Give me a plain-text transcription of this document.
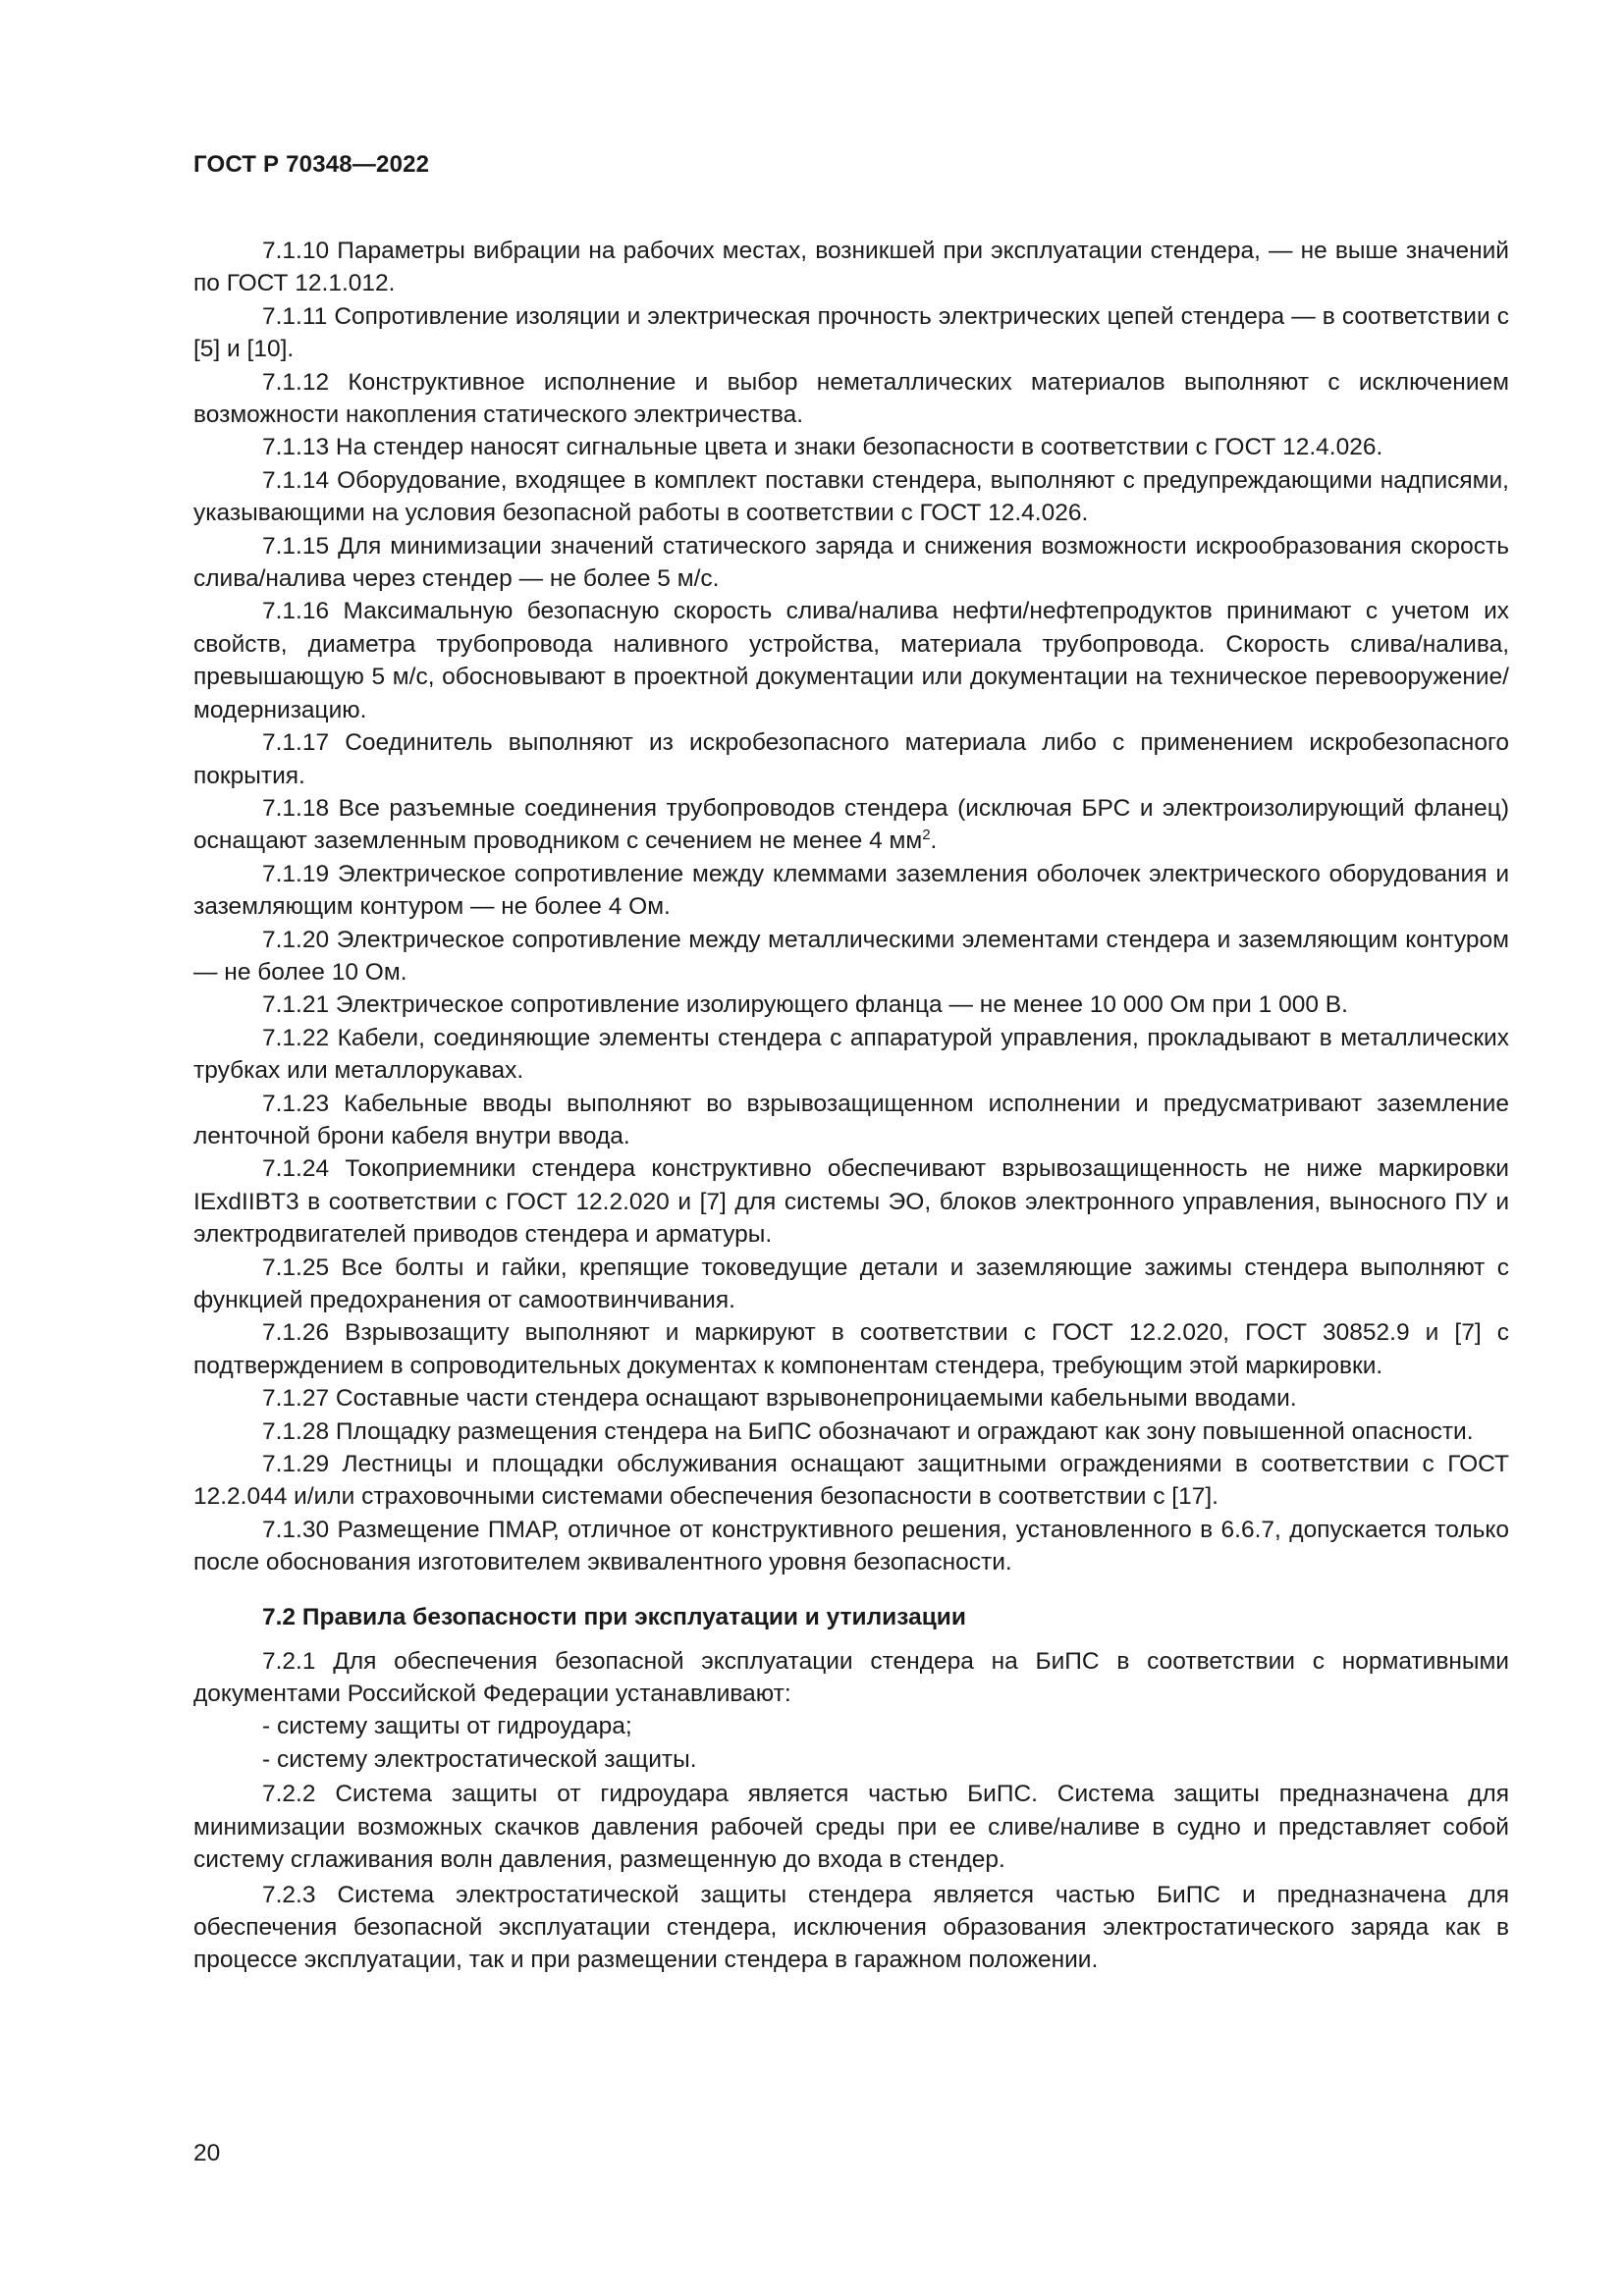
ГОСТ Р 70348—2022

7.1.10 Параметры вибрации на рабочих местах, возникшей при эксплуатации стендера, — не выше значений по ГОСТ 12.1.012.

7.1.11 Сопротивление изоляции и электрическая прочность электрических цепей стендера — в соответствии с [5] и [10].

7.1.12 Конструктивное исполнение и выбор неметаллических материалов выполняют с исключением возможности накопления статического электричества.

7.1.13 На стендер наносят сигнальные цвета и знаки безопасности в соответствии с ГОСТ 12.4.026.

7.1.14 Оборудование, входящее в комплект поставки стендера, выполняют с предупреждающими надписями, указывающими на условия безопасной работы в соответствии с ГОСТ 12.4.026.

7.1.15 Для минимизации значений статического заряда и снижения возможности искрообразования скорость слива/налива через стендер — не более 5 м/с.

7.1.16 Максимальную безопасную скорость слива/налива нефти/нефтепродуктов принимают с учетом их свойств, диаметра трубопровода наливного устройства, материала трубопровода. Скорость слива/налива, превышающую 5 м/с, обосновывают в проектной документации или документации на техническое перевооружение/модернизацию.

7.1.17 Соединитель выполняют из искробезопасного материала либо с применением искробезопасного покрытия.

7.1.18 Все разъемные соединения трубопроводов стендера (исключая БРС и электроизолирующий фланец) оснащают заземленным проводником с сечением не менее 4 $мм^2$.

7.1.19 Электрическое сопротивление между клеммами заземления оболочек электрического оборудования и заземляющим контуром — не более 4 Ом.

7.1.20 Электрическое сопротивление между металлическими элементами стендера и заземляющим контуром — не более 10 Ом.

7.1.21 Электрическое сопротивление изолирующего фланца — не менее 10 000 Ом при 1 000 В.

7.1.22 Кабели, соединяющие элементы стендера с аппаратурой управления, прокладывают в металлических трубках или металлорукавах.

7.1.23 Кабельные вводы выполняют во взрывозащищенном исполнении и предусматривают заземление ленточной брони кабеля внутри ввода.

7.1.24 Токоприемники стендера конструктивно обеспечивают взрывозащищенность не ниже маркировки IExdIIBT3 в соответствии с ГОСТ 12.2.020 и [7] для системы ЭО, блоков электронного управления, выносного ПУ и электродвигателей приводов стендера и арматуры.

7.1.25 Все болты и гайки, крепящие токоведущие детали и заземляющие зажимы стендера выполняют с функцией предохранения от самоотвинчивания.

7.1.26 Взрывозащиту выполняют и маркируют в соответствии с ГОСТ 12.2.020, ГОСТ 30852.9 и [7] с подтверждением в сопроводительных документах к компонентам стендера, требующим этой маркировки.

7.1.27 Составные части стендера оснащают взрывонепроницаемыми кабельными вводами.

7.1.28 Площадку размещения стендера на БиПС обозначают и ограждают как зону повышенной опасности.

7.1.29 Лестницы и площадки обслуживания оснащают защитными ограждениями в соответствии с ГОСТ 12.2.044 и/или страховочными системами обеспечения безопасности в соответствии с [17].

7.1.30 Размещение ПМАР, отличное от конструктивного решения, установленного в 6.6.7, допускается только после обоснования изготовителем эквивалентного уровня безопасности.

7.2 Правила безопасности при эксплуатации и утилизации

7.2.1 Для обеспечения безопасной эксплуатации стендера на БиПС в соответствии с нормативными документами Российской Федерации устанавливают:

- систему защиты от гидроудара;

- систему электростатической защиты.

7.2.2 Система защиты от гидроудара является частью БиПС. Система защиты предназначена для минимизации возможных скачков давления рабочей среды при ее сливе/наливе в судно и представляет собой систему сглаживания волн давления, размещенную до входа в стендер.

7.2.3 Система электростатической защиты стендера является частью БиПС и предназначена для обеспечения безопасной эксплуатации стендера, исключения образования электростатического заряда как в процессе эксплуатации, так и при размещении стендера в гаражном положении.

20
